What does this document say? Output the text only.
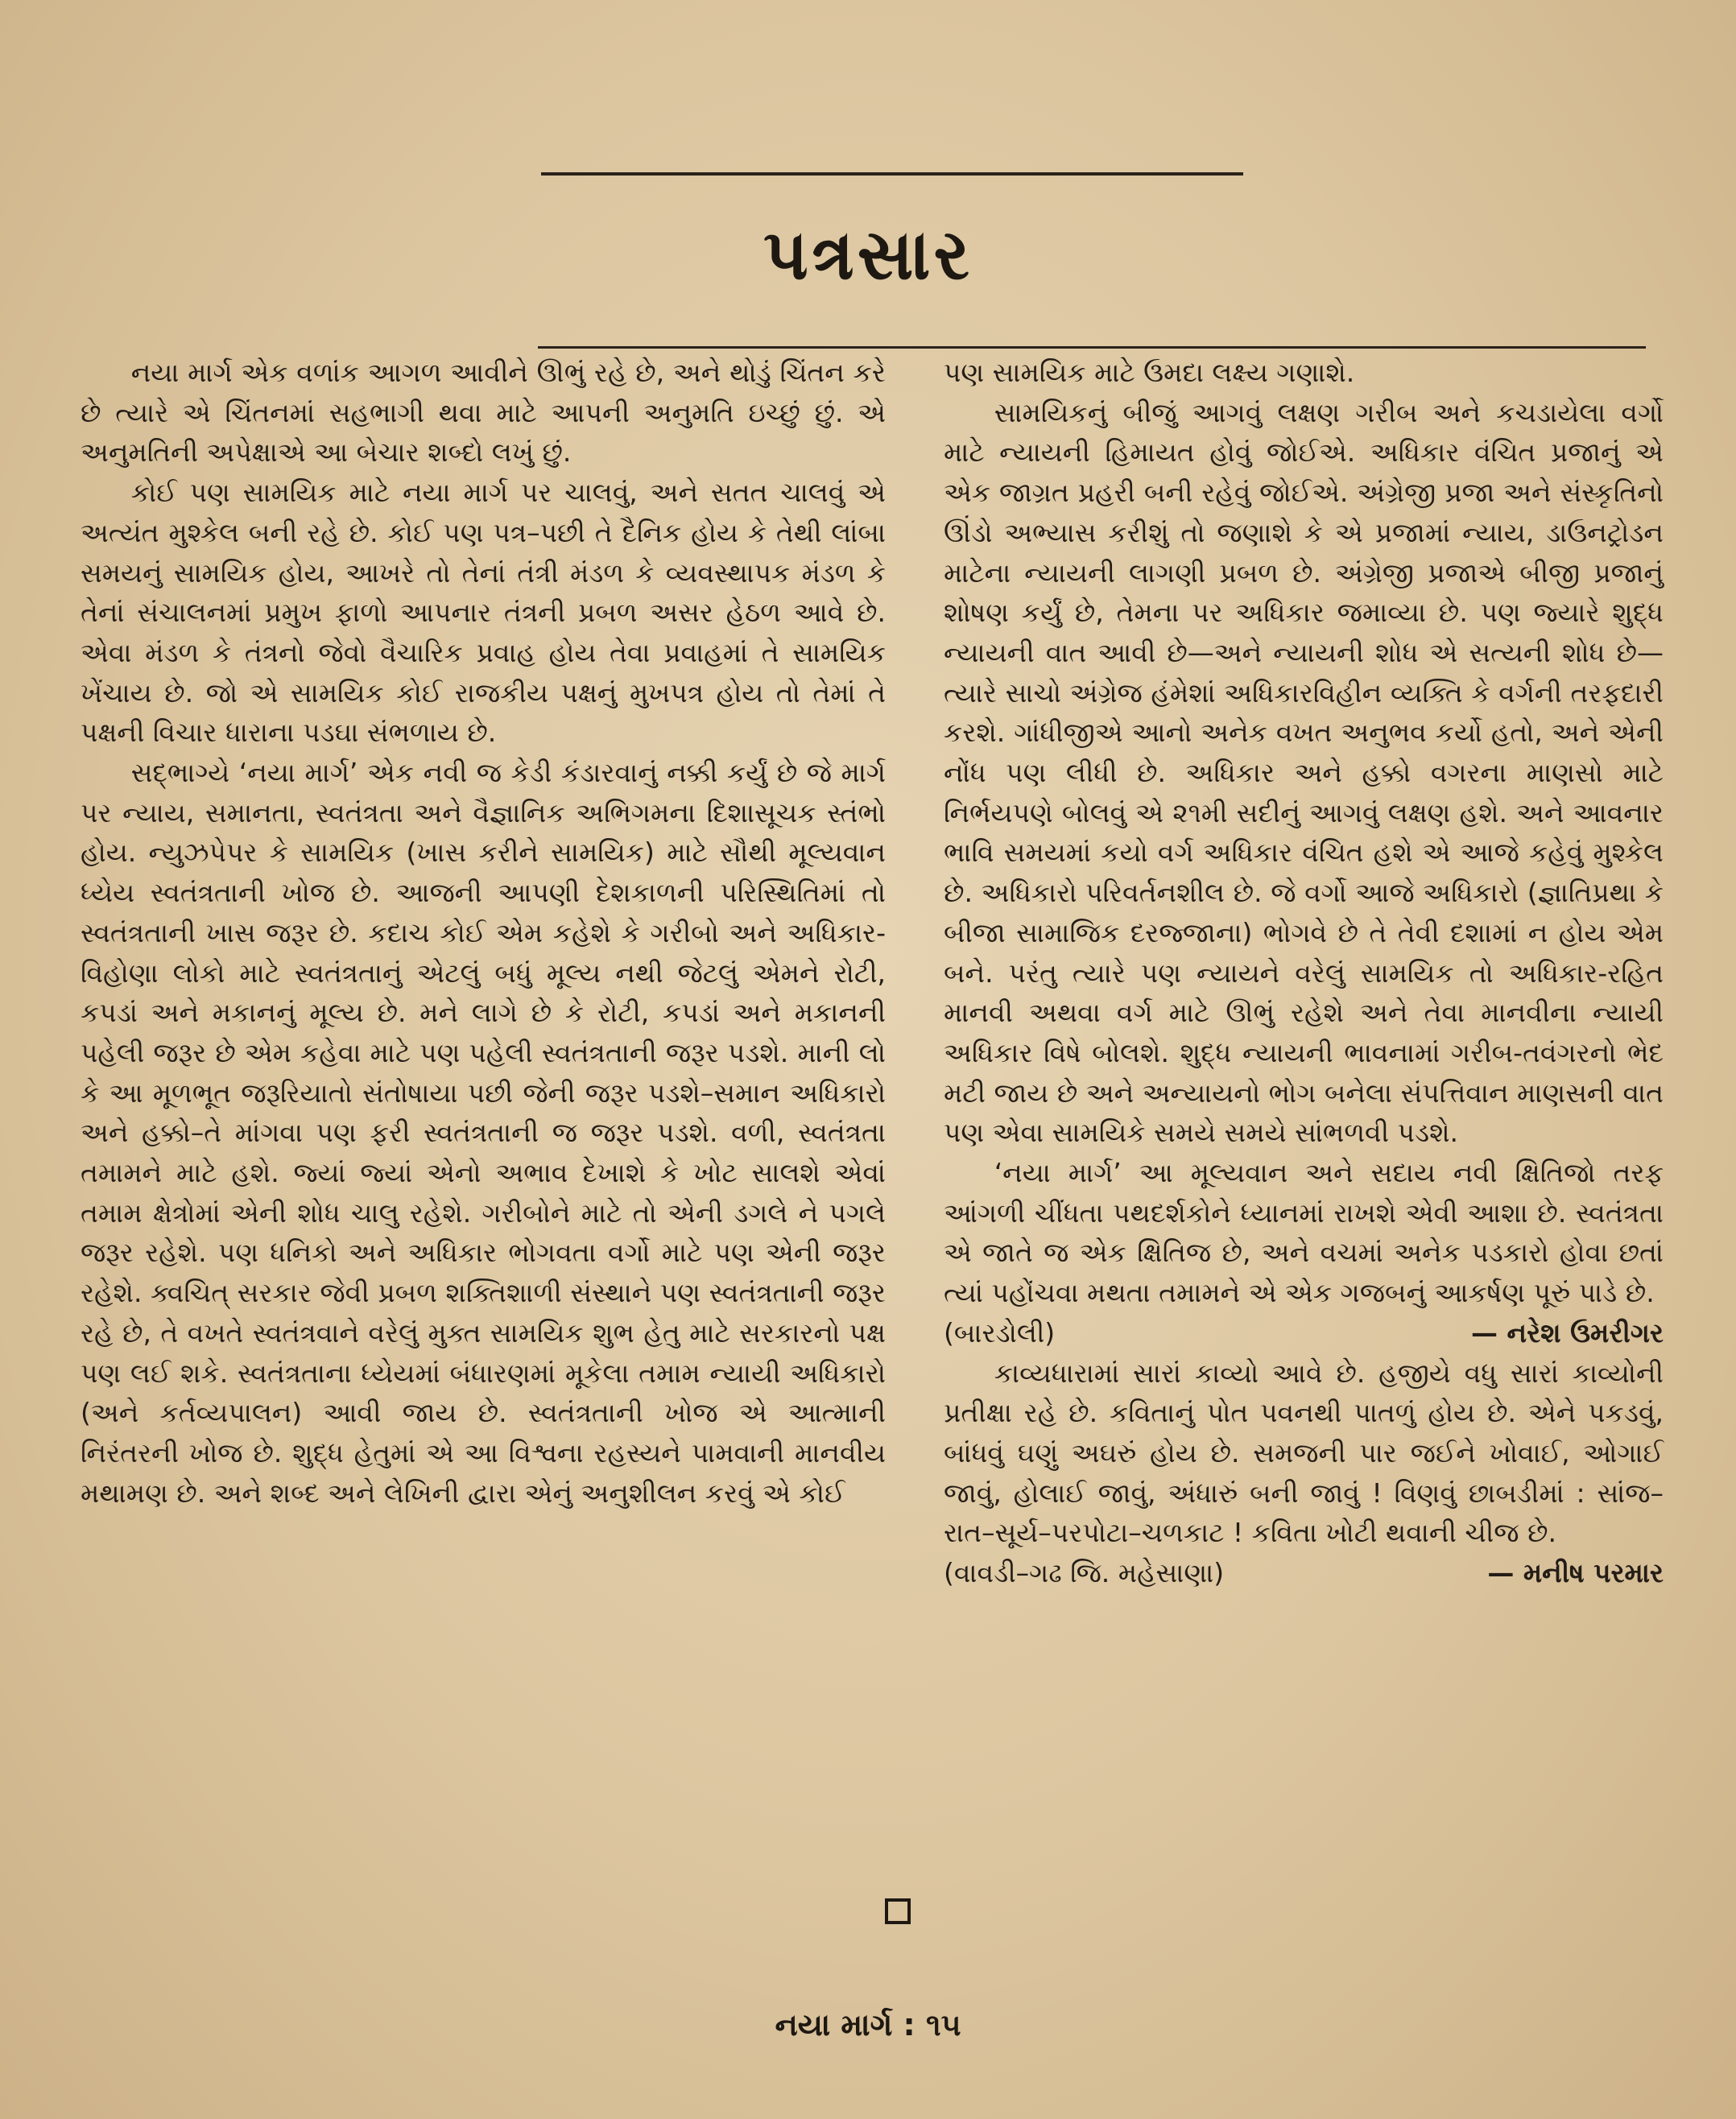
પત્રસાર

નયા માર્ગ એક વળાંક આગળ આવીને ઊભું રહે છે, અને થોડું ચિંતન કરે છે ત્યારે એ ચિંતનમાં સહભાગી થવા માટે આપની અનુમતિ ઇચ્છું છું. એ અનુમતિની અપેક્ષાએ આ બેચાર શબ્દો લખું છું.

કોઈ પણ સામયિક માટે નયા માર્ગ પર ચાલવું, અને સતત ચાલવું એ અત્યંત મુશ્કેલ બની રહે છે. કોઈ પણ પત્ર–પછી તે દૈનિક હોય કે તેથી લાંબા સમયનું સામયિક હોય, આખરે તો તેનાં તંત્રી મંડળ કે વ્યવસ્થાપક મંડળ કે તેનાં સંચાલનમાં પ્રમુખ ફાળો આપનાર તંત્રની પ્રબળ અસર હેઠળ આવે છે. એવા મંડળ કે તંત્રનો જેવો વૈચારિક પ્રવાહ હોય તેવા પ્રવાહમાં તે સામયિક ખેંચાય છે. જો એ સામયિક કોઈ રાજકીય પક્ષનું મુખપત્ર હોય તો તેમાં તે પક્ષની વિચાર ધારાના પડઘા સંભળાય છે.

સદ્ભાગ્યે ‘નયા માર્ગ’ એક નવી જ કેડી કંડારવાનું નક્કી કર્યું છે જે માર્ગ પર ન્યાય, સમાનતા, સ્વતંત્રતા અને વૈજ્ઞાનિક અભિગમના દિશાસૂચક સ્તંભો હોય. ન્યુઝપેપર કે સામયિક (ખાસ કરીને સામયિક) માટે સૌથી મૂલ્યવાન ધ્યેય સ્વતંત્રતાની ખોજ છે. આજની આપણી દેશકાળની પરિસ્થિતિમાં તો સ્વતંત્રતાની ખાસ જરૂર છે. કદાચ કોઈ એમ કહેશે કે ગરીબો અને અધિકાર-વિહોણા લોકો માટે સ્વતંત્રતાનું એટલું બધું મૂલ્ય નથી જેટલું એમને રોટી, કપડાં અને મકાનનું મૂલ્ય છે. મને લાગે છે કે રોટી, કપડાં અને મકાનની પહેલી જરૂર છે એમ કહેવા માટે પણ પહેલી સ્વતંત્રતાની જરૂર પડશે. માની લો કે આ મૂળભૂત જરૂરિયાતો સંતોષાયા પછી જેની જરૂર પડશે–સમાન અધિકારો અને હક્કો–તે માંગવા પણ ફરી સ્વતંત્રતાની જ જરૂર પડશે. વળી, સ્વતંત્રતા તમામને માટે હશે. જ્યાં જ્યાં એનો અભાવ દેખાશે કે ખોટ સાલશે એવાં તમામ ક્ષેત્રોમાં એની શોધ ચાલુ રહેશે. ગરીબોને માટે તો એની ડગલે ને પગલે જરૂર રહેશે. પણ ધનિકો અને અધિકાર ભોગવતા વર્ગો માટે પણ એની જરૂર રહેશે. ક્વચિત્ સરકાર જેવી પ્રબળ શક્તિશાળી સંસ્થાને પણ સ્વતંત્રતાની જરૂર રહે છે, તે વખતે સ્વતંત્રવાને વરેલું મુક્ત સામયિક શુભ હેતુ માટે સરકારનો પક્ષ પણ લઈ શકે. સ્વતંત્રતાના ધ્યેયમાં બંધારણમાં મૂકેલા તમામ ન્યાયી અધિકારો (અને કર્તવ્યપાલન) આવી જાય છે. સ્વતંત્રતાની ખોજ એ આત્માની નિરંતરની ખોજ છે. શુદ્ધ હેતુમાં એ આ વિશ્વના રહસ્યને પામવાની માનવીય મથામણ છે. અને શબ્દ અને લેખિની દ્વારા એનું અનુશીલન કરવું એ કોઈ

પણ સામયિક માટે ઉમદા લક્ષ્ય ગણાશે.

સામયિકનું બીજું આગવું લક્ષણ ગરીબ અને કચડાયેલા વર્ગો માટે ન્યાયની હિમાયત હોવું જોઈએ. અધિકાર વંચિત પ્રજાનું એ એક જાગ્રત પ્રહરી બની રહેવું જોઈએ. અંગ્રેજી પ્રજા અને સંસ્કૃતિનો ઊંડો અભ્યાસ કરીશું તો જણાશે કે એ પ્રજામાં ન્યાય, ડાઉનટ્રોડન માટેના ન્યાયની લાગણી પ્રબળ છે. અંગ્રેજી પ્રજાએ બીજી પ્રજાનું શોષણ કર્યું છે, તેમના પર અધિકાર જમાવ્યા છે. પણ જ્યારે શુદ્ધ ન્યાયની વાત આવી છે—અને ન્યાયની શોધ એ સત્યની શોધ છે—ત્યારે સાચો અંગ્રેજ હંમેશાં અધિકારવિહીન વ્યક્તિ કે વર્ગની તરફદારી કરશે. ગાંધીજીએ આનો અનેક વખત અનુભવ કર્યો હતો, અને એની નોંધ પણ લીધી છે. અધિકાર અને હક્કો વગરના માણસો માટે નિર્ભયપણે બોલવું એ ૨૧મી સદીનું આગવું લક્ષણ હશે. અને આવનાર ભાવિ સમયમાં કયો વર્ગ અધિકાર વંચિત હશે એ આજે કહેવું મુશ્કેલ છે. અધિકારો પરિવર્તનશીલ છે. જે વર્ગો આજે અધિકારો (જ્ઞાતિપ્રથા કે બીજા સામાજિક દરજ્જાના) ભોગવે છે તે તેવી દશામાં ન હોય એમ બને. પરંતુ ત્યારે પણ ન્યાયને વરેલું સામયિક તો અધિકાર-રહિત માનવી અથવા વર્ગ માટે ઊભું રહેશે અને તેવા માનવીના ન્યાયી અધિકાર વિષે બોલશે. શુદ્ધ ન્યાયની ભાવનામાં ગરીબ-તવંગરનો ભેદ મટી જાય છે અને અન્યાયનો ભોગ બનેલા સંપત્તિવાન માણસની વાત પણ એવા સામયિકે સમયે સમયે સાંભળવી પડશે.

‘નયા માર્ગ’ આ મૂલ્યવાન અને સદાય નવી ક્ષિતિજો તરફ આંગળી ચીંધતા પથદર્શકોને ધ્યાનમાં રાખશે એવી આશા છે. સ્વતંત્રતા એ જાતે જ એક ક્ષિતિજ છે, અને વચમાં અનેક પડકારો હોવા છતાં ત્યાં પહોંચવા મથતા તમામને એ એક ગજબનું આકર્ષણ પૂરું પાડે છે.

(બારડોલી)	— નરેશ ઉમરીગર

કાવ્યધારામાં સારાં કાવ્યો આવે છે. હજીયે વધુ સારાં કાવ્યોની પ્રતીક્ષા રહે છે. કવિતાનું પોત પવનથી પાતળું હોય છે. એને પકડવું, બાંધવું ઘણું અઘરું હોય છે. સમજની પાર જઈને ખોવાઈ, ઓગાઈ જાવું, હોલાઈ જાવું, અંધારું બની જાવું ! વિણવું છાબડીમાં : સાંજ–રાત–સૂર્ય–પરપોટા–ચળકાટ ! કવિતા ખોટી થવાની ચીજ છે.

(વાવડી–ગઢ જિ. મહેસાણા)	— મનીષ પરમાર
નયા માર્ગ : ૧૫
